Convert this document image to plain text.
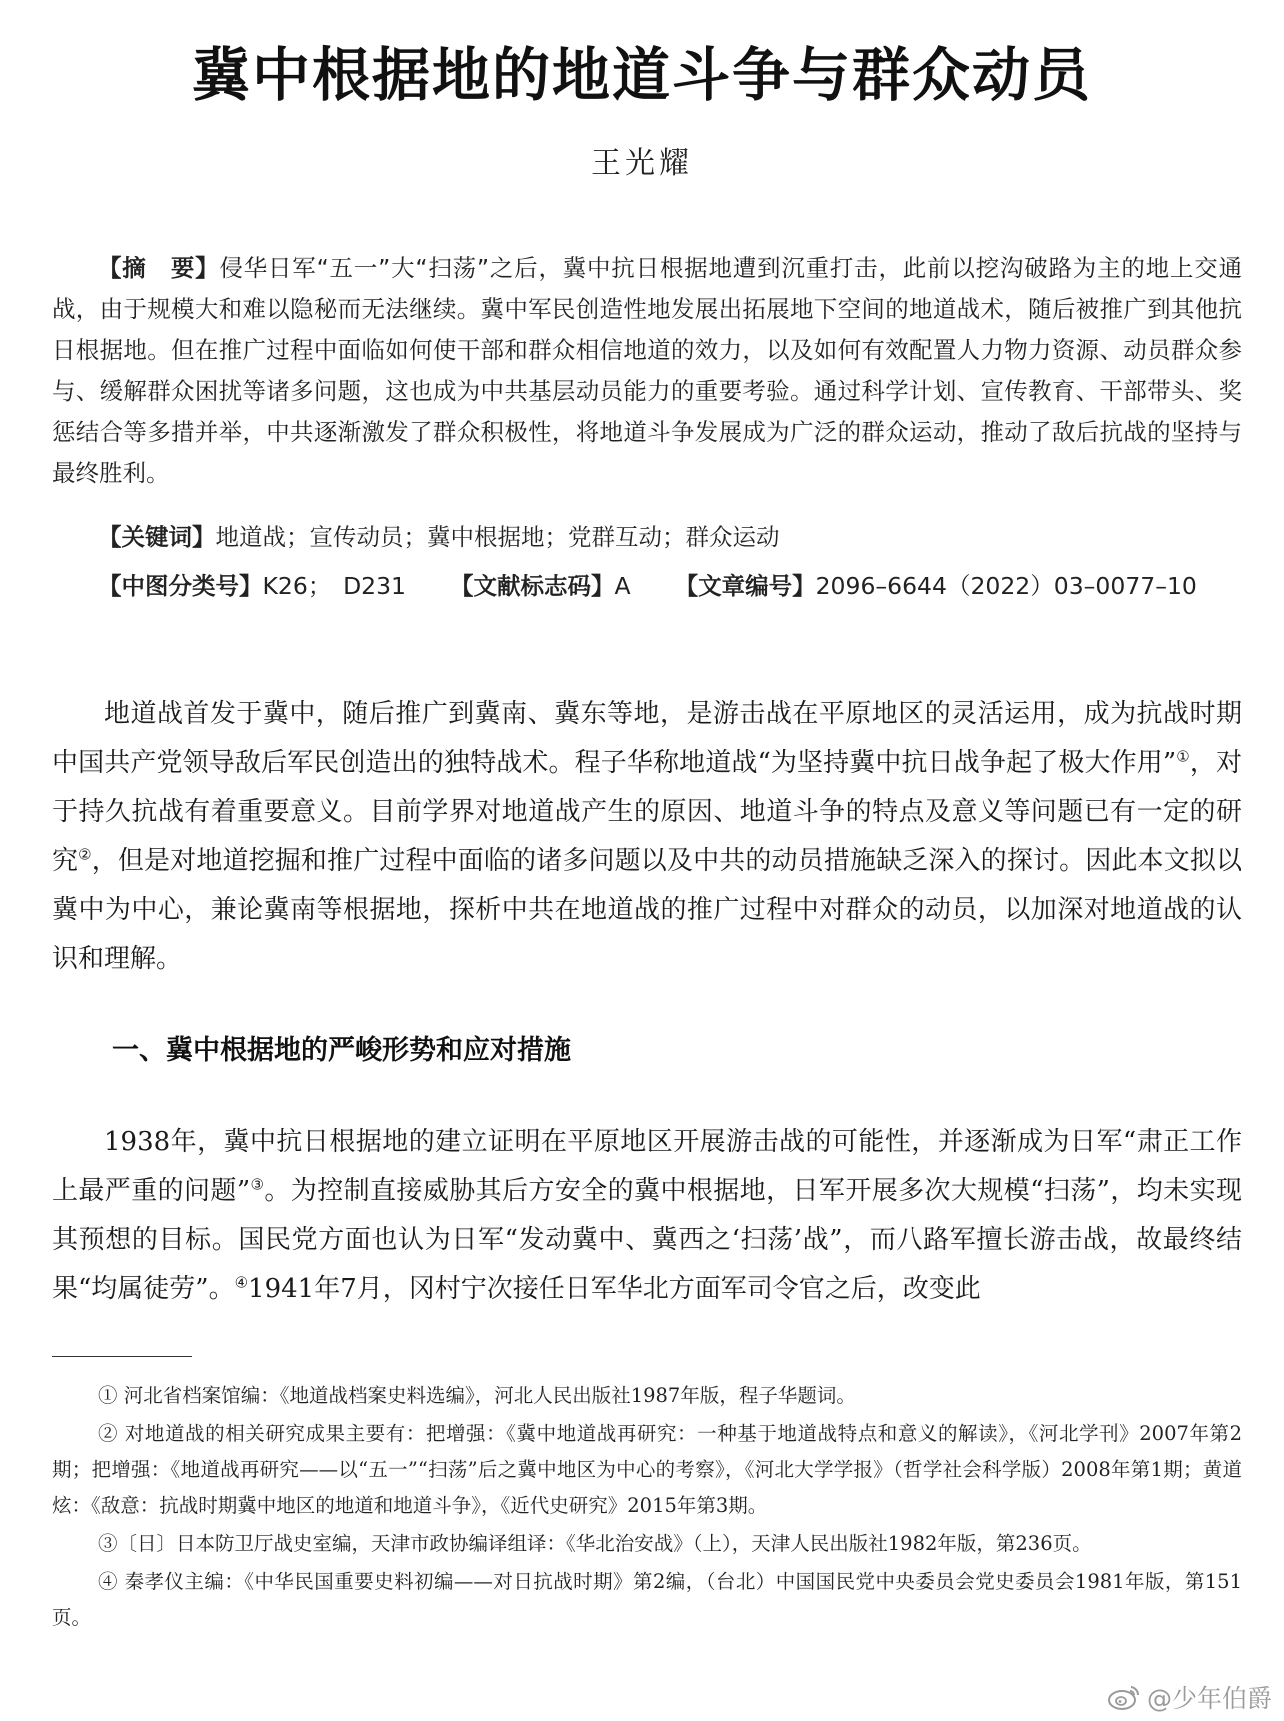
冀中根据地的地道斗争与群众动员
王光耀

【摘　要】侵华日军“五一”大“扫荡”之后，冀中抗日根据地遭到沉重打击，此前以挖沟破路为主的地上交通战，由于规模大和难以隐秘而无法继续。冀中军民创造性地发展出拓展地下空间的地道战术，随后被推广到其他抗日根据地。但在推广过程中面临如何使干部和群众相信地道的效力，以及如何有效配置人力物力资源、动员群众参与、缓解群众困扰等诸多问题，这也成为中共基层动员能力的重要考验。通过科学计划、宣传教育、干部带头、奖惩结合等多措并举，中共逐渐激发了群众积极性，将地道斗争发展成为广泛的群众运动，推动了敌后抗战的坚持与最终胜利。

【关键词】地道战；宣传动员；冀中根据地；党群互动；群众运动
【中图分类号】K26；　D231 【文献标志码】A 【文章编号】2096–6644（2022）03–0077–10

地道战首发于冀中，随后推广到冀南、冀东等地，是游击战在平原地区的灵活运用，成为抗战时期中国共产党领导敌后军民创造出的独特战术。程子华称地道战“为坚持冀中抗日战争起了极大作用”①，对于持久抗战有着重要意义。目前学界对地道战产生的原因、地道斗争的特点及意义等问题已有一定的研究②，但是对地道挖掘和推广过程中面临的诸多问题以及中共的动员措施缺乏深入的探讨。因此本文拟以冀中为中心，兼论冀南等根据地，探析中共在地道战的推广过程中对群众的动员，以加深对地道战的认识和理解。

一、冀中根据地的严峻形势和应对措施

1938年，冀中抗日根据地的建立证明在平原地区开展游击战的可能性，并逐渐成为日军“肃正工作上最严重的问题”③。为控制直接威胁其后方安全的冀中根据地，日军开展多次大规模“扫荡”，均未实现其预想的目标。国民党方面也认为日军“发动冀中、冀西之‘扫荡’战”，而八路军擅长游击战，故最终结果“均属徒劳”。④1941年7月，冈村宁次接任日军华北方面军司令官之后，改变此

① 河北省档案馆编：《地道战档案史料选编》，河北人民出版社1987年版，程子华题词。

② 对地道战的相关研究成果主要有：把增强：《冀中地道战再研究：一种基于地道战特点和意义的解读》，《河北学刊》2007年第2期；把增强：《地道战再研究——以“五一”“扫荡”后之冀中地区为中心的考察》，《河北大学学报》（哲学社会科学版）2008年第1期；黄道炫：《敌意：抗战时期冀中地区的地道和地道斗争》，《近代史研究》2015年第3期。

③〔日〕日本防卫厅战史室编，天津市政协编译组译：《华北治安战》（上），天津人民出版社1982年版，第236页。

④ 秦孝仪主编：《中华民国重要史料初编——对日抗战时期》第2编，（台北）中国国民党中央委员会党史委员会1981年版，第151页。

@少年伯爵
